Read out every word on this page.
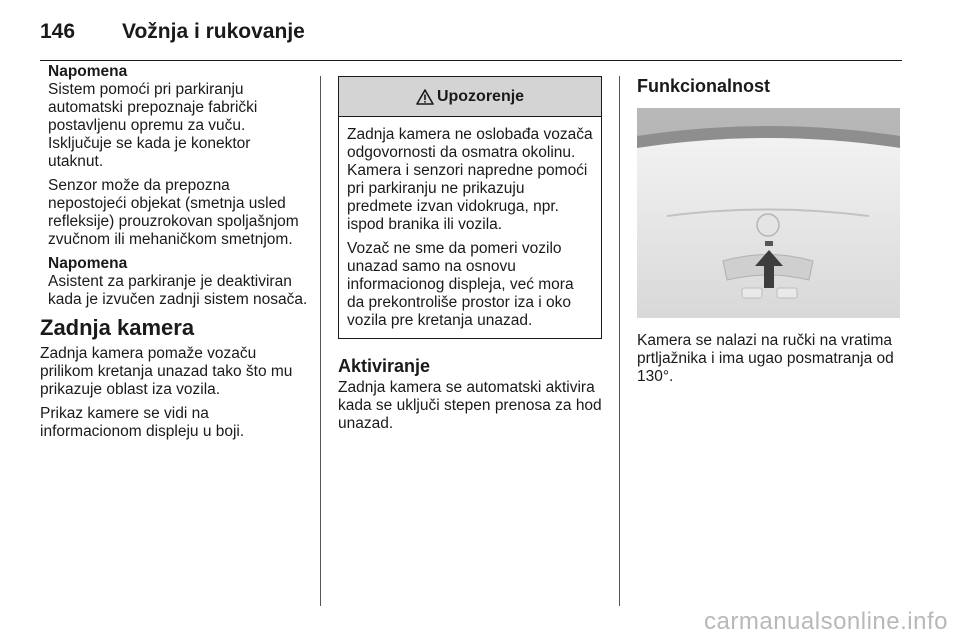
146 Vožnja i rukovanje
Napomena

Sistem pomoći pri parkiranju automatski prepoznaje fabrički postavljenu opremu za vuču. Isključuje se kada je konektor utaknut.

Senzor može da prepozna nepostojeći objekat (smetnja usled refleksije) prouzrokovan spoljašnjom zvučnom ili mehaničkom smetnjom.

Napomena

Asistent za parkiranje je deaktiviran kada je izvučen zadnji sistem nosača.

Zadnja kamera

Zadnja kamera pomaže vozaču prilikom kretanja unazad tako što mu prikazuje oblast iza vozila.

Prikaz kamere se vidi na informacionom displeju u boji.

Upozorenje

Zadnja kamera ne oslobađa vozača odgovornosti da osmatra okolinu. Kamera i senzori napredne pomoći pri parkiranju ne prikazuju predmete izvan vidokruga, npr. ispod branika ili vozila.

Vozač ne sme da pomeri vozilo unazad samo na osnovu informacionog displeja, već mora da prekontroliše prostor iza i oko vozila pre kretanja unazad.

Aktiviranje

Zadnja kamera se automatski aktivira kada se uključi stepen prenosa za hod unazad.

Funkcionalnost

Kamera se nalazi na ručki na vratima prtljažnika i ima ugao posmatranja od 130°.

carmanualsonline.info
